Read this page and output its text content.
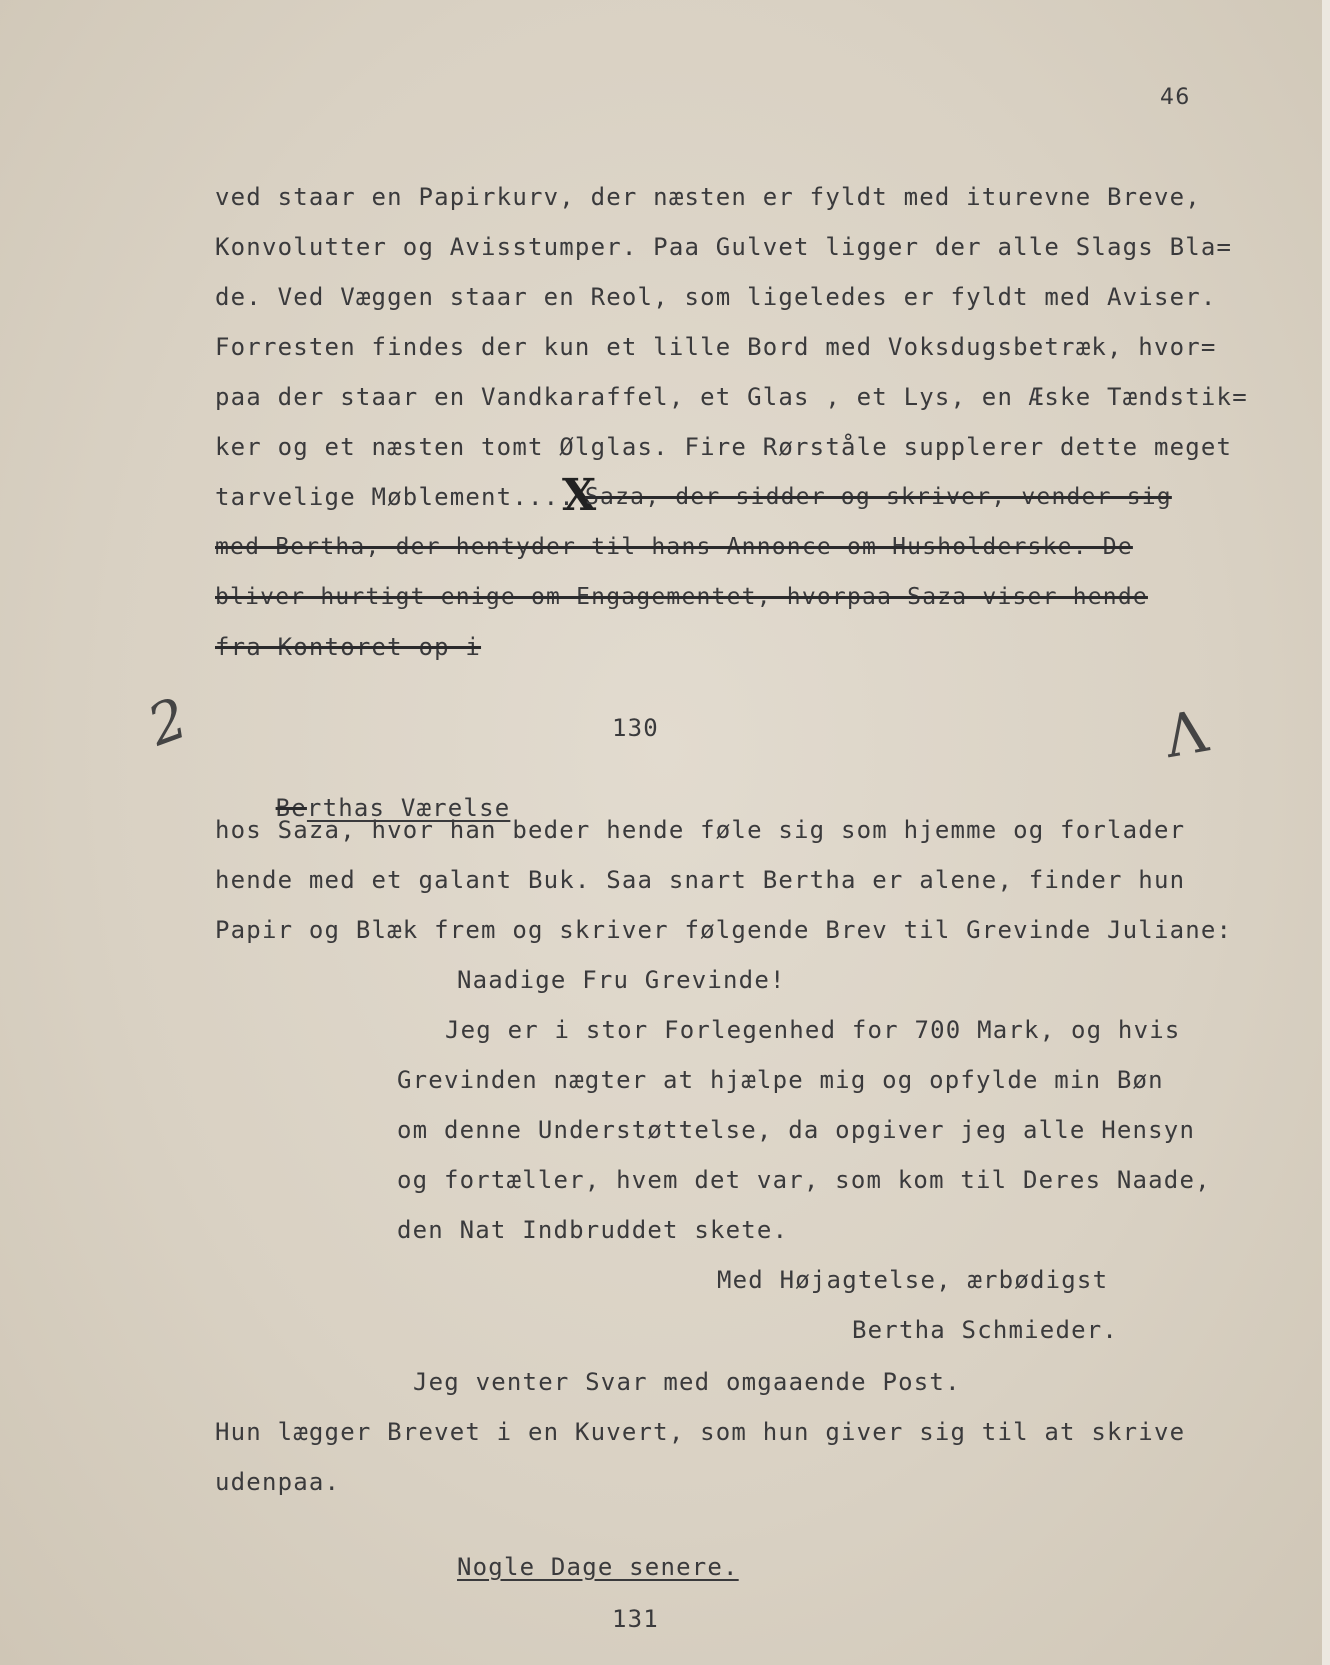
46
ved staar en Papirkurv, der næsten er fyldt med iturevne Breve,
Konvolutter og Avisstumper. Paa Gulvet ligger der alle Slags Bla=
de. Ved Væggen staar en Reol, som ligeledes er fyldt med Aviser.
Forresten findes der kun et lille Bord med Voksdugsbetræk, hvor=
paa der staar en Vandkaraffel, et Glas , et Lys, en Æske Tændstik=
ker og et næsten tomt Ølglas. Fire Rørståle supplerer dette meget
tarvelige Møblement....
X
Saza, der sidder og skriver, vender sig
med Bertha, der hentyder til hans Annonce om Husholderske. De
bliver hurtigt enige om Engagementet, hvorpaa Saza viser hende
fra Kontoret op i
2	Λ
130

Berthas Værelse

hos Saza, hvor han beder hende føle sig som hjemme og forlader
hende med et galant Buk. Saa snart Bertha er alene, finder hun
Papir og Blæk frem og skriver følgende Brev til Grevinde Juliane:
Naadige Fru Grevinde!
Jeg er i stor Forlegenhed for 700 Mark, og hvis
Grevinden nægter at hjælpe mig og opfylde min Bøn
om denne Understøttelse, da opgiver jeg alle Hensyn
og fortæller, hvem det var, som kom til Deres Naade,
den Nat Indbruddet skete.
Med Højagtelse, ærbødigst
Bertha Schmieder.
Jeg venter Svar med omgaaende Post.
Hun lægger Brevet i en Kuvert, som hun giver sig til at skrive
udenpaa.
Nogle Dage senere.
131
